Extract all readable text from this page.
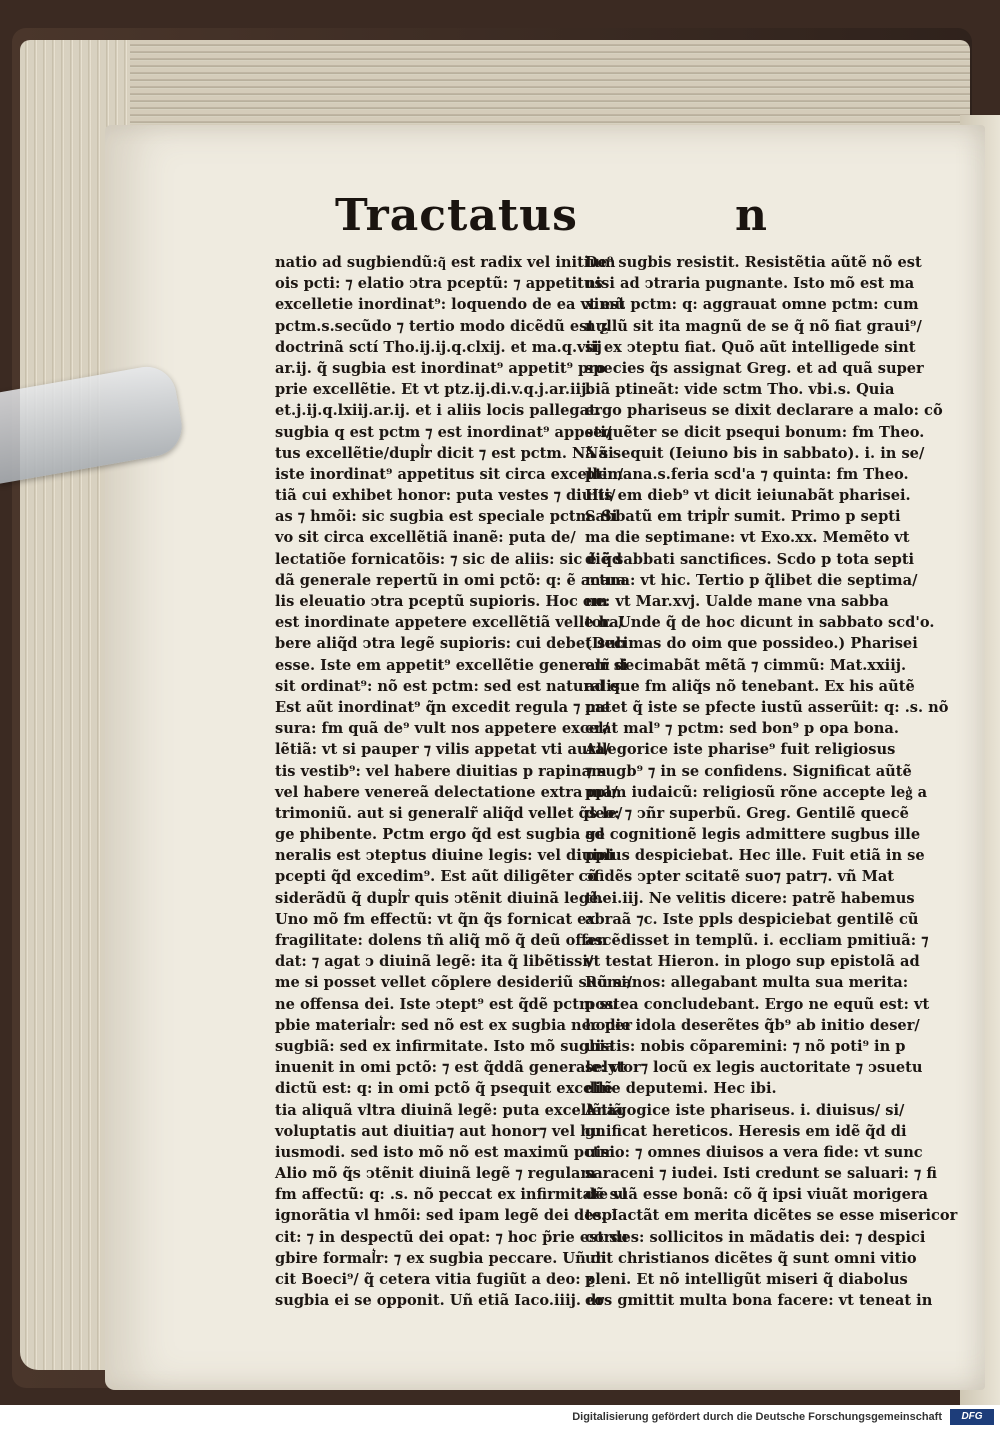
Tractatus	n
natio ad sugbiendũ:q͂ est radix vel initium
ois pcti: ⁊ elatio ↄtra pceptũ: ⁊ appetitus
excelletie inordinat⁹: loquendo de ea vt est
pctm.s.secũdo ⁊ tertio modo dicẽdũ est ƺ
doctrinã sctí Tho.ij.ij.q.clxij. et ma.q.viij
ar.ij. q̃ sugbia est inordinat⁹ appetit⁹ pro
prie excellẽtie. Et vt ptz.ij.di.v.q.j.ar.iij.
et.j.ij.q.lxiij.ar.ij. et i aliis locis pallegat.
sugbia q est pctm ⁊ est inordinat⁹ appeti/
tus excellẽtie/dupl͛r dicit ⁊ est pctm. Nã si
iste inordinat⁹ appetitus sit circa excellen/
tiã cui exhibet honor: puta vestes ⁊ diuiti/
as ⁊ hmõi: sic sugbia est speciale pctm. Si
vo sit circa excellẽtiã inanẽ: puta de/
lectatiõe fornicatõis: ⁊ sic de aliis: sic ẽ q̃d
dã generale repertũ in omi pctõ: q: ẽ actua
lis eleuatio ↄtra pceptũ supioris. Hoc em
est inordinate appetere excellẽtiã velle ha/
bere aliq̃d ↄtra legẽ supioris: cui debet sub
esse. Iste em appetit⁹ excellẽtie generalr̃ si
sit ordinat⁹: nõ est pctm: sed est naturalis.
Est aũt inordinat⁹ q̃n excedit regula ⁊ me
sura: fm quã de⁹ vult nos appetere excel/
lẽtiã: vt si pauper ⁊ vilis appetat vti aura/
tis vestib⁹: vel habere diuitias p rapinam
vel habere venereã delectatione extra ma/
trimoniũ. aut si generalr̃ aliq̃d vellet q̃s le/
ge phibente. Pctm ergo q̃d est sugbia ge
neralis est ↄteptus diuine legis: vel diuini
pcepti q̃d excedim⁹. Est aũt diligẽter cõ
siderãdũ q̃ dupl͛r quis ↄtẽnit diuinã legẽ.
Uno mõ fm effectũ: vt q̃n q̃s fornicat ex
fragilitate: dolens tñ aliq̃ mõ q̃ deũ offen
dat: ⁊ agat ↄ diuinã legẽ: ita q̃ libẽtissi/
me si posset vellet cõplere desideriũ suũ si/
ne offensa dei. Iste ↄtept⁹ est q̃dẽ pctm su
pbie material͛r: sed nõ est ex sugbia nec per
sugbiã: sed ex infirmitate. Isto mõ sugbia
inuenit in omi pctõ: ⁊ est q̃ddã generale: vt
dictũ est: q: in omi pctõ q̃ psequit excellẽ
tia aliquã vltra diuinã legẽ: puta excellẽtiã
voluptatis aut diuitia⁊ aut honor⁊ vel hu
iusmodi. sed isto mõ nõ est maximũ pctm.
Alio mõ q̃s ↄtẽnit diuinã legẽ ⁊ regulam
fm affectũ: q: .s. nõ peccat ex infirmitate vl
ignorãtia vl hmõi: sed ipam legẽ dei despi
cit: ⁊ in despectũ dei opat: ⁊ hoc p̃rie est su
gbire formal͛r: ⁊ ex sugbia peccare. Uñ di
cit Boeci⁹/ q̃ cetera vitia fugiũt a deo: ƺ
sugbia ei se opponit. Uñ etiã Iaco.iiij. dr
De⁹ sugbis resistit. Resistẽtia aũtẽ nõ est
nisi ad ↄtraria pugnante. Isto mõ est ma
ximũ pctm: q: aggrauat omne pctm: cum
nullũ sit ita magnũ de se q̃ nõ fiat graui⁹/
si ex ↄteptu fiat. Quõ aũt intelligede sint
species q̃s assignat Greg. et ad quã super
biã ptineãt: vide sctm Tho. vbi.s. Quia
ergo phariseus se dixit declarare a malo: cõ
sequẽter se dicit psequi bonum: fm Theo.
Nã sequit (Ieiuno bis in sabbato). i. in se/
ptimana.s.feria scd'a ⁊ quinta: fm Theo.
His em dieb⁹ vt dicit ieiunabãt pharisei.
Sabbatũ em tripl͛r sumit. Primo p septi
ma die septimane: vt Exo.xx. Memẽto vt
diẽ sabbati sanctifices. Scdo p tota septi
mana: vt hic. Tertio p q̃libet die septima/
ne: vt Mar.xvj. Ualde mane vna sabba
tor. Unde q̃ de hoc dicunt in sabbato scd'o.
(Decimas do oim que possideo.) Pharisei
em decimabãt mẽtã ⁊ cimmũ: Mat.xxiij.
ad que fm aliq̃s nõ tenebant. Ex his aũtẽ
patet q̃ iste se pfecte iustũ asserũit: q: .s. nõ
erat mal⁹ ⁊ pctm: sed bon⁹ p opa bona.
Allegorice iste pharise⁹ fuit religiosus
⁊ sugb⁹ ⁊ in se confidens. Significat aũtẽ
pplm iudaicũ: religiosũ rõne accepte leg͛ a
deo: ⁊ ↄñr superbũ. Greg. Gentilẽ quecẽ
ad cognitionẽ legis admittere sugbus ille
pplus despiciebat. Hec ille. Fuit etiã in se
ↄfidẽs ↄpter scitatẽ suo⁊ patr⁊. vñ Mat
thei.iij. Ne velitis dicere: patrẽ habemus
abraã ⁊c. Iste ppls despiciebat gentilẽ cũ
ascẽdisset in templũ. i. eccliam pmitiuã: ⁊
vt testat Hieron. in plogo sup epistolã ad
Romanos: allegabant multa sua merita:
postea concludebant. Ergo ne equũ est: vt
hodie idola deserẽtes q̃b⁹ ab initio deser/
uistis: nobis cõparemini: ⁊ nõ poti⁹ in p
selytor⁊ locũ ex legis auctoritate ⁊ ↄsuetu
dine deputemi. Hec ibi.
Anagogice iste phariseus. i. diuisus/ si/
gnificat hereticos. Heresis em idẽ q̃d di
uisio: ⁊ omnes diuisos a vera fide: vt sunc
saraceni ⁊ iudei. Isti credunt se saluari: ⁊ fi
dẽ suã esse bonã: cõ q̃ ipsi viuãt morigera
te. Iactãt em merita dicẽtes se esse misericor
cordes: sollicitos in mãdatis dei: ⁊ despici
unt christianos dicẽtes q̃ sunt omni vitio
pleni. Et nõ intelligũt miseri q̃ diabolus
eos gmittit multa bona facere: vt teneat in
Digitalisierung gefördert durch die Deutsche Forschungsgemeinschaft	DFG
